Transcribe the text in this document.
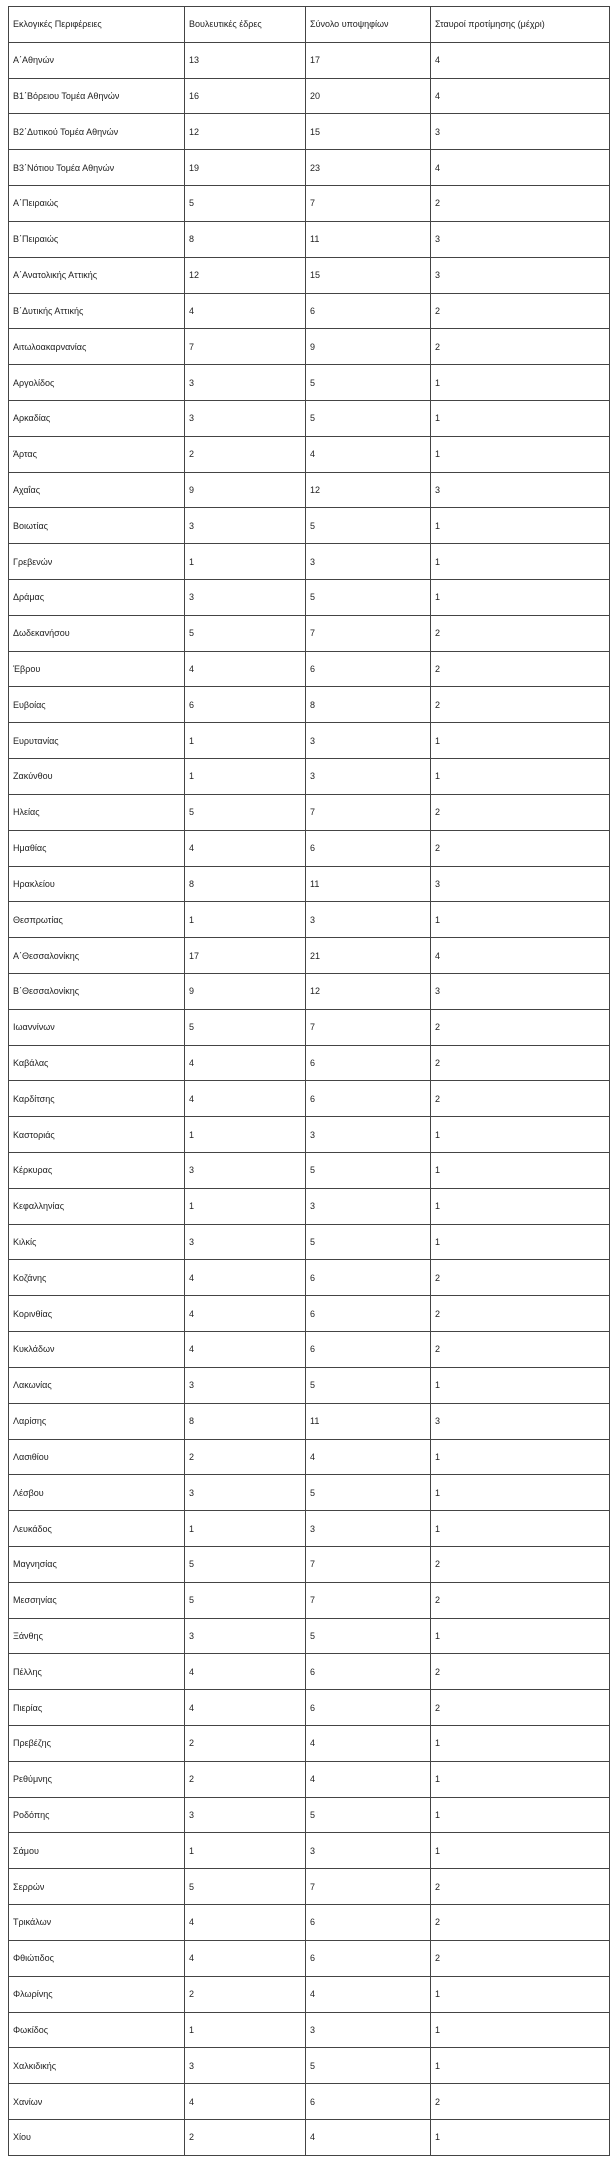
Εκλογικές Περιφέρειες	Βουλευτικές έδρες	Σύνολο υποψηφίων	Σταυροί προτίμησης (μέχρι)
Α΄Αθηνών	13	17	4
Β1΄Βόρειου Τομέα Αθηνών	16	20	4
Β2΄Δυτικού Τομέα Αθηνών	12	15	3
Β3΄Νότιου Τομέα Αθηνών	19	23	4
Α΄Πειραιώς	5	7	2
Β΄Πειραιώς	8	11	3
Α΄Ανατολικής Αττικής	12	15	3
Β΄Δυτικής Αττικής	4	6	2
Αιτωλοακαρνανίας	7	9	2
Αργολίδος	3	5	1
Αρκαδίας	3	5	1
Άρτας	2	4	1
Αχαΐας	9	12	3
Βοιωτίας	3	5	1
Γρεβενών	1	3	1
Δράμας	3	5	1
Δωδεκανήσου	5	7	2
Έβρου	4	6	2
Ευβοίας	6	8	2
Ευρυτανίας	1	3	1
Ζακύνθου	1	3	1
Ηλείας	5	7	2
Ημαθίας	4	6	2
Ηρακλείου	8	11	3
Θεσπρωτίας	1	3	1
Α΄Θεσσαλονίκης	17	21	4
Β΄Θεσσαλονίκης	9	12	3
Ιωαννίνων	5	7	2
Καβάλας	4	6	2
Καρδίτσης	4	6	2
Καστοριάς	1	3	1
Κέρκυρας	3	5	1
Κεφαλληνίας	1	3	1
Κιλκίς	3	5	1
Κοζάνης	4	6	2
Κορινθίας	4	6	2
Κυκλάδων	4	6	2
Λακωνίας	3	5	1
Λαρίσης	8	11	3
Λασιθίου	2	4	1
Λέσβου	3	5	1
Λευκάδος	1	3	1
Μαγνησίας	5	7	2
Μεσσηνίας	5	7	2
Ξάνθης	3	5	1
Πέλλης	4	6	2
Πιερίας	4	6	2
Πρεβέζης	2	4	1
Ρεθύμνης	2	4	1
Ροδόπης	3	5	1
Σάμου	1	3	1
Σερρών	5	7	2
Τρικάλων	4	6	2
Φθιώτιδος	4	6	2
Φλωρίνης	2	4	1
Φωκίδος	1	3	1
Χαλκιδικής	3	5	1
Χανίων	4	6	2
Χίου	2	4	1
